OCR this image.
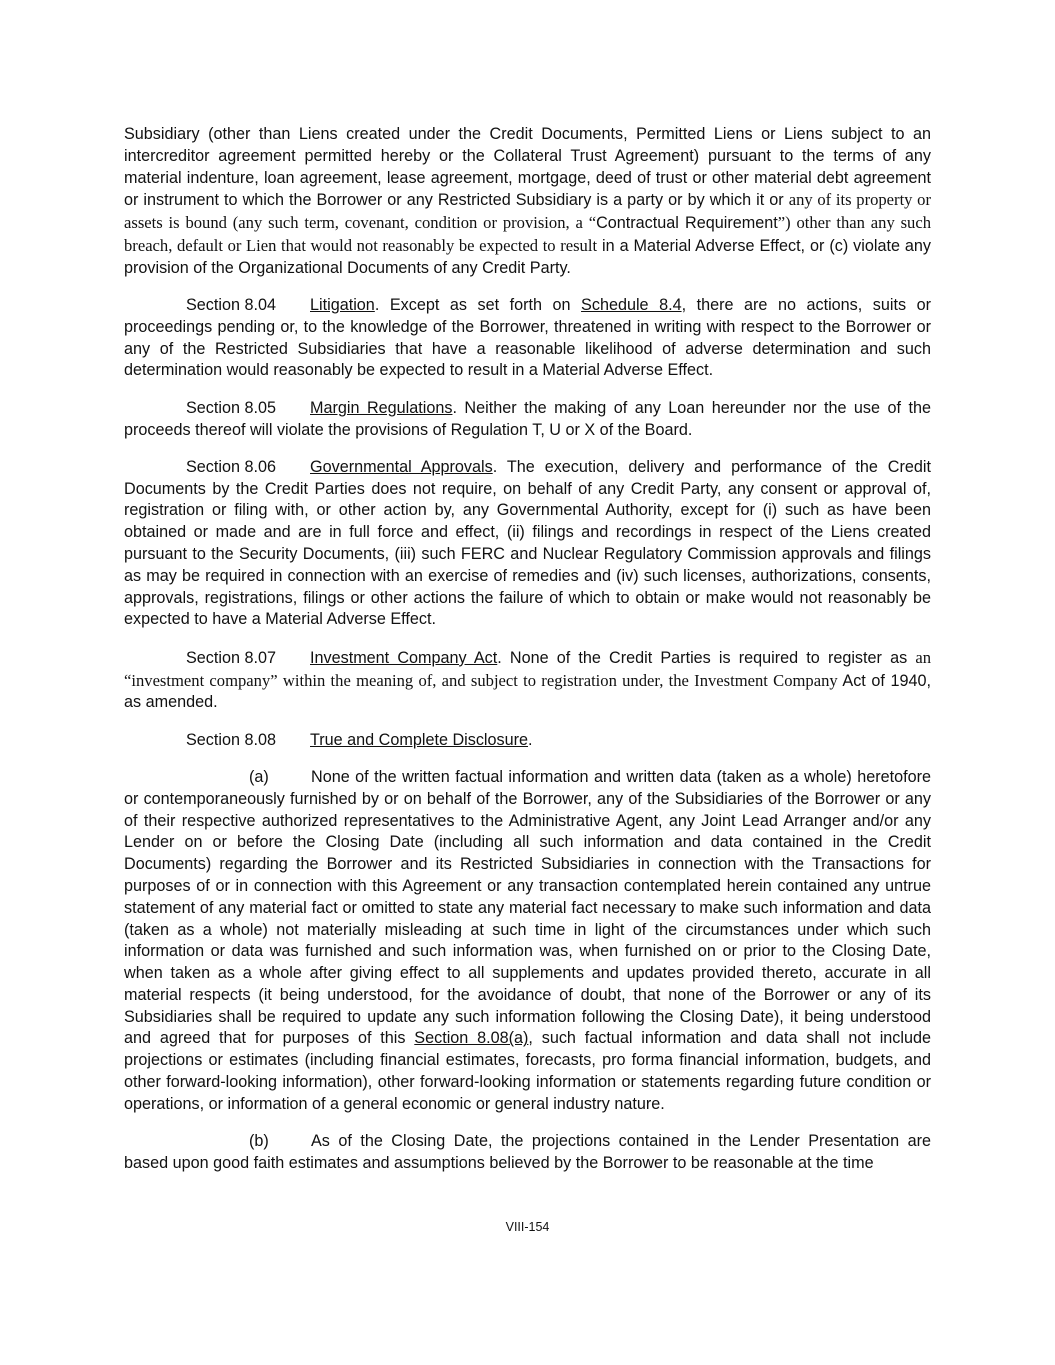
Subsidiary (other than Liens created under the Credit Documents, Permitted Liens or Liens subject to an intercreditor agreement permitted hereby or the Collateral Trust Agreement) pursuant to the terms of any material indenture, loan agreement, lease agreement, mortgage, deed of trust or other material debt agreement or instrument to which the Borrower or any Restricted Subsidiary is a party or by which it or any of its property or assets is bound (any such term, covenant, condition or provision, a “Contractual Requirement”) other than any such breach, default or Lien that would not reasonably be expected to result in a Material Adverse Effect, or (c) violate any provision of the Organizational Documents of any Credit Party.

Section 8.04 Litigation. Except as set forth on Schedule 8.4, there are no actions, suits or proceedings pending or, to the knowledge of the Borrower, threatened in writing with respect to the Borrower or any of the Restricted Subsidiaries that have a reasonable likelihood of adverse determination and such determination would reasonably be expected to result in a Material Adverse Effect.

Section 8.05 Margin Regulations. Neither the making of any Loan hereunder nor the use of the proceeds thereof will violate the provisions of Regulation T, U or X of the Board.

Section 8.06 Governmental Approvals. The execution, delivery and performance of the Credit Documents by the Credit Parties does not require, on behalf of any Credit Party, any consent or approval of, registration or filing with, or other action by, any Governmental Authority, except for (i) such as have been obtained or made and are in full force and effect, (ii) filings and recordings in respect of the Liens created pursuant to the Security Documents, (iii) such FERC and Nuclear Regulatory Commission approvals and filings as may be required in connection with an exercise of remedies and (iv) such licenses, authorizations, consents, approvals, registrations, filings or other actions the failure of which to obtain or make would not reasonably be expected to have a Material Adverse Effect.

Section 8.07 Investment Company Act. None of the Credit Parties is required to register as an “investment company” within the meaning of, and subject to registration under, the Investment Company Act of 1940, as amended.

Section 8.08 True and Complete Disclosure.

(a)	None of the written factual information and written data (taken as a whole) heretofore or contemporaneously furnished by or on behalf of the Borrower, any of the Subsidiaries of the Borrower or any of their respective authorized representatives to the Administrative Agent, any Joint Lead Arranger and/or any Lender on or before the Closing Date (including all such information and data contained in the Credit Documents) regarding the Borrower and its Restricted Subsidiaries in connection with the Transactions for purposes of or in connection with this Agreement or any transaction contemplated herein contained any untrue statement of any material fact or omitted to state any material fact necessary to make such information and data (taken as a whole) not materially misleading at such time in light of the circumstances under which such information or data was furnished and such information was, when furnished on or prior to the Closing Date, when taken as a whole after giving effect to all supplements and updates provided thereto, accurate in all material respects (it being understood, for the avoidance of doubt, that none of the Borrower or any of its Subsidiaries shall be required to update any such information following the Closing Date), it being understood and agreed that for purposes of this Section 8.08(a), such factual information and data shall not include projections or estimates (including financial estimates, forecasts, pro forma financial information, budgets, and other forward-looking information), other forward-looking information or statements regarding future condition or operations, or information of a general economic or general industry nature.

(b)	As of the Closing Date, the projections contained in the Lender Presentation are based upon good faith estimates and assumptions believed by the Borrower to be reasonable at the time

VIII-154
